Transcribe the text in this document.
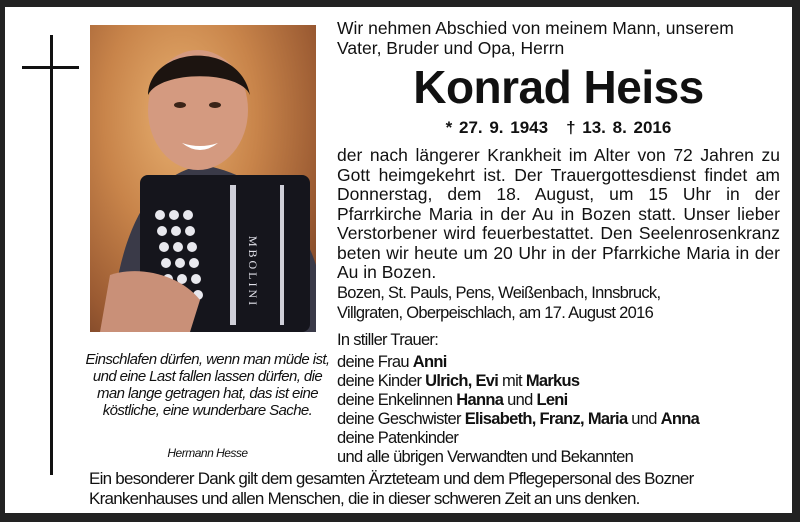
MBOLINI
Einschlafen dürfen, wenn man müde ist, und eine Last fallen lassen dürfen, die man lange getragen hat, das ist eine köstliche, eine wunderbare Sache.
Hermann Hesse
Wir nehmen Abschied von meinem Mann, unserem Vater, Bruder und Opa, Herrn
Konrad Heiss
* 27. 9. 1943 † 13. 8. 2016

der nach längerer Krankheit im Alter von 72 Jahren zu Gott heimgekehrt ist. Der Trauergottesdienst findet am Donnerstag, dem 18. August, um 15 Uhr in der Pfarrkirche Maria in der Au in Bozen statt. Unser lieber Verstorbener wird feuerbestattet. Den Seelenrosenkranz beten wir heute um 20 Uhr in der Pfarrkiche Maria in der Au in Bozen.

Bozen, St. Pauls, Pens, Weißenbach, Innsbruck,
Villgraten, Oberpeischlach, am 17. August 2016
In stiller Trauer:
deine Frau Anni
deine Kinder Ulrich, Evi mit Markus
deine Enkelinnen Hanna und Leni
deine Geschwister Elisabeth, Franz, Maria und Anna
deine Patenkinder
und alle übrigen Verwandten und Bekannten
Ein besonderer Dank gilt dem gesamten Ärzteteam und dem Pflegepersonal des Bozner Krankenhauses und allen Menschen, die in dieser schweren Zeit an uns denken.
